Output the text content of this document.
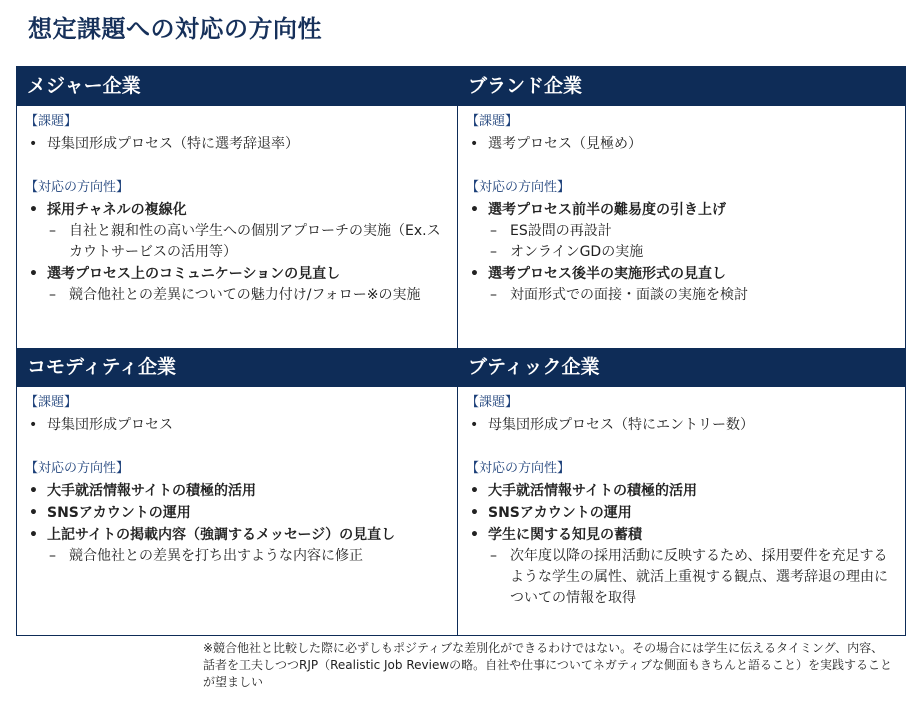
想定課題への対応の方向性
メジャー企業
【課題】
• 母集団形成プロセス（特に選考辞退率）
【対応の方向性】
• 採用チャネルの複線化
– 自社と親和性の高い学生への個別アプローチの実施（Ex.スカウトサービスの活用等）
• 選考プロセス上のコミュニケーションの見直し
– 競合他社との差異についての魅力付け/フォロー※の実施
ブランド企業
【課題】
• 選考プロセス（見極め）
【対応の方向性】
• 選考プロセス前半の難易度の引き上げ
– ES設問の再設計
– オンラインGDの実施
• 選考プロセス後半の実施形式の見直し
– 対面形式での面接・面談の実施を検討
コモディティ企業
【課題】
• 母集団形成プロセス
【対応の方向性】
• 大手就活情報サイトの積極的活用
• SNSアカウントの運用
• 上記サイトの掲載内容（強調するメッセージ）の見直し
– 競合他社との差異を打ち出すような内容に修正
ブティック企業
【課題】
• 母集団形成プロセス（特にエントリー数）
【対応の方向性】
• 大手就活情報サイトの積極的活用
• SNSアカウントの運用
• 学生に関する知見の蓄積
– 次年度以降の採用活動に反映するため、採用要件を充足するような学生の属性、就活上重視する観点、選考辞退の理由についての情報を取得
※競合他社と比較した際に必ずしもポジティブな差別化ができるわけではない。その場合には学生に伝えるタイミング、内容、話者を工夫しつつRJP（Realistic Job Reviewの略。自社や仕事についてネガティブな側面もきちんと語ること）を実践することが望ましい
